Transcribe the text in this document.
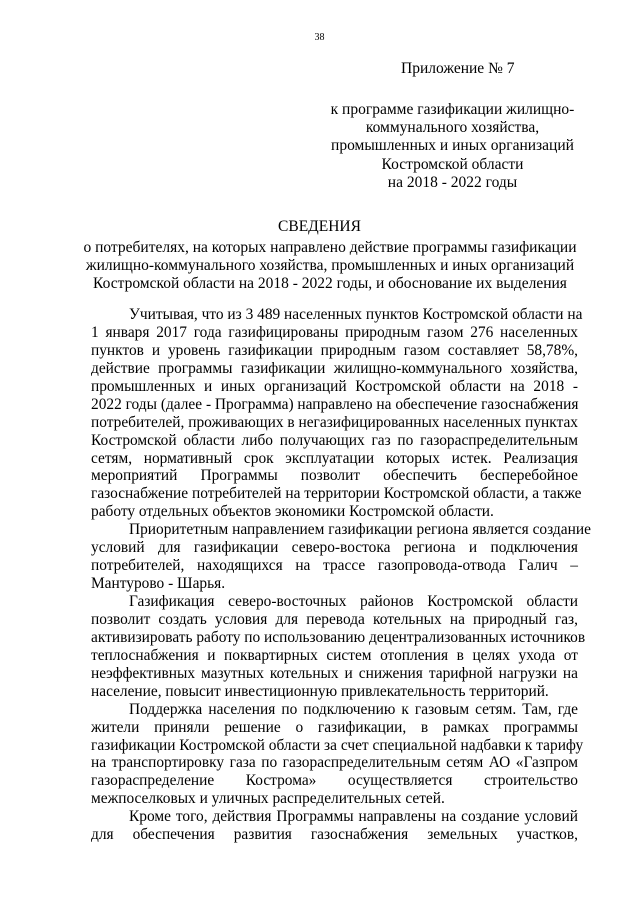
38
Приложение № 7
к программе газификации жилищно-
коммунального хозяйства,
промышленных и иных организаций
Костромской области
на 2018 - 2022 годы
СВЕДЕНИЯ
о потребителях, на которых направлено действие программы газификации
жилищно-коммунального хозяйства, промышленных и иных организаций
Костромской области на 2018 - 2022 годы, и обоснование их выделения
Учитывая, что из 3 489 населенных пунктов Костромской области на
1 января 2017 года газифицированы природным газом 276 населенных
пунктов и уровень газификации природным газом составляет 58,78%,
действие программы газификации жилищно-коммунального хозяйства,
промышленных и иных организаций Костромской области на 2018 -
2022 годы (далее - Программа) направлено на обеспечение газоснабжения
потребителей, проживающих в негазифицированных населенных пунктах
Костромской области либо получающих газ по газораспределительным
сетям, нормативный срок эксплуатации которых истек. Реализация
мероприятий Программы позволит обеспечить бесперебойное
газоснабжение потребителей на территории Костромской области, а также
работу отдельных объектов экономики Костромской области.
Приоритетным направлением газификации региона является создание
условий для газификации северо-востока региона и подключения
потребителей, находящихся на трассе газопровода-отвода Галич –
Мантурово - Шарья.
Газификация северо-восточных районов Костромской области
позволит создать условия для перевода котельных на природный газ,
активизировать работу по использованию децентрализованных источников
теплоснабжения и поквартирных систем отопления в целях ухода от
неэффективных мазутных котельных и снижения тарифной нагрузки на
население, повысит инвестиционную привлекательность территорий.
Поддержка населения по подключению к газовым сетям. Там, где
жители приняли решение о газификации, в рамках программы
газификации Костромской области за счет специальной надбавки к тарифу
на транспортировку газа по газораспределительным сетям АО «Газпром
газораспределение Кострома» осуществляется строительство
межпоселковых и уличных распределительных сетей.
Кроме того, действия Программы направлены на создание условий
для обеспечения развития газоснабжения земельных участков,
